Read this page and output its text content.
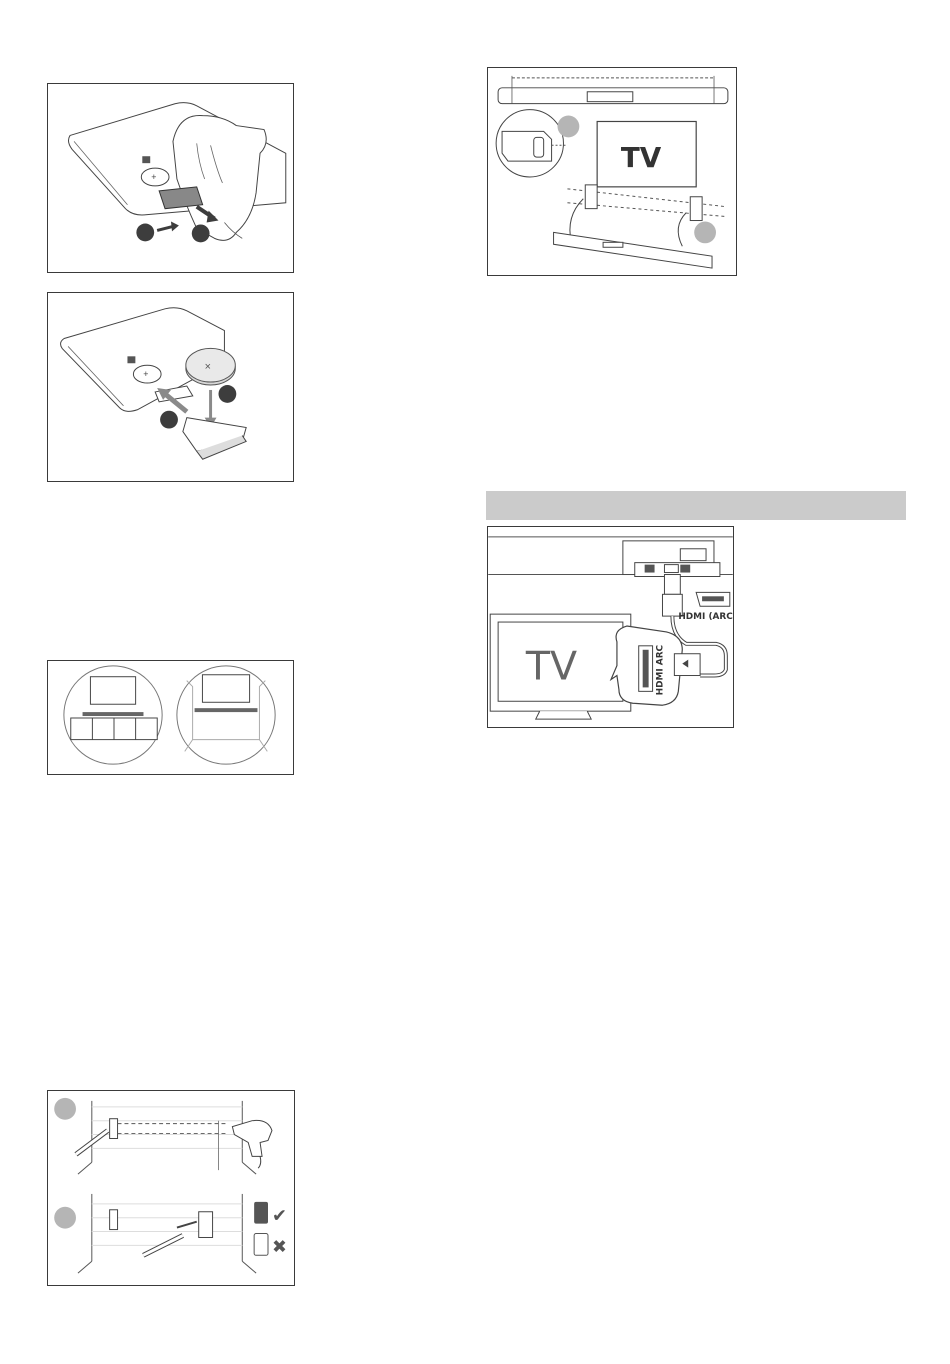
+
+
×
✔
✖
TV
HDMI (ARC
TV	HDMI ARC
